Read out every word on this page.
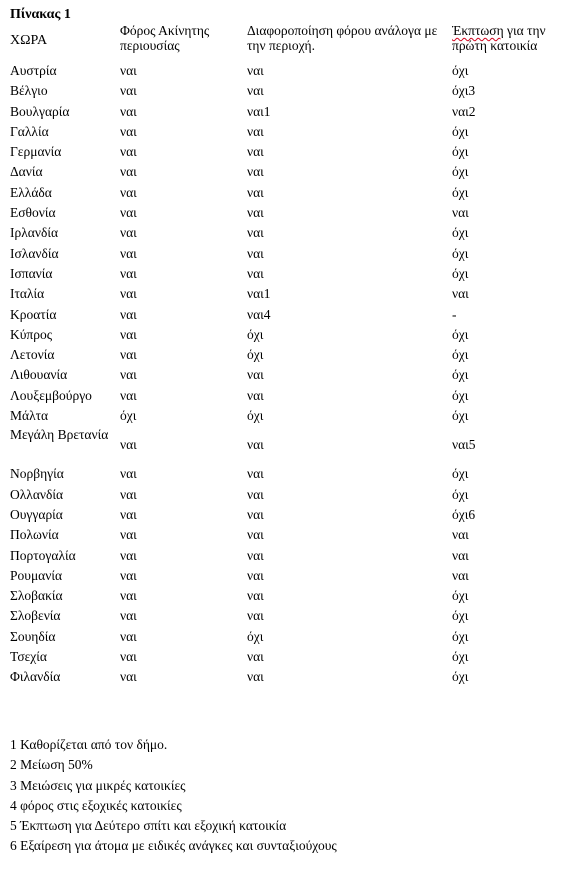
Πίνακας 1

ΧΩΡΑ	Φόρος Ακίνητης περιουσίας	Διαφοροποίηση φόρου ανάλογα με την περιοχή.	Έκπτωση για την πρώτη κατοικία

Αυστρία	ναι	ναι	όχι
Βέλγιο	ναι	ναι	όχι3
Βουλγαρία	ναι	ναι1	ναι2
Γαλλία	ναι	ναι	όχι
Γερμανία	ναι	ναι	όχι
Δανία	ναι	ναι	όχι
Ελλάδα	ναι	ναι	όχι
Εσθονία	ναι	ναι	ναι
Ιρλανδία	ναι	ναι	όχι
Ισλανδία	ναι	ναι	όχι
Ισπανία	ναι	ναι	όχι
Ιταλία	ναι	ναι1	ναι
Κροατία	ναι	ναι4	-
Κύπρος	ναι	όχι	όχι
Λετονία	ναι	όχι	όχι
Λιθουανία	ναι	ναι	όχι
Λουξεμβούργο	ναι	ναι	όχι
Μάλτα	όχι	όχι	όχι
Μεγάλη Βρετανία	ναι	ναι	ναι5
Νορβηγία	ναι	ναι	όχι
Ολλανδία	ναι	ναι	όχι
Ουγγαρία	ναι	ναι	όχι6
Πολωνία	ναι	ναι	ναι
Πορτογαλία	ναι	ναι	ναι
Ρουμανία	ναι	ναι	ναι
Σλοβακία	ναι	ναι	όχι
Σλοβενία	ναι	ναι	όχι
Σουηδία	ναι	όχι	όχι
Τσεχία	ναι	ναι	όχι
Φιλανδία	ναι	ναι	όχι
1 Καθορίζεται από τον δήμο.
2 Μείωση 50%
3 Μειώσεις για μικρές κατοικίες
4 φόρος στις εξοχικές κατοικίες
5 Έκπτωση για Δεύτερο σπίτι και εξοχική κατοικία
6 Εξαίρεση για άτομα με ειδικές ανάγκες και συνταξιούχους
